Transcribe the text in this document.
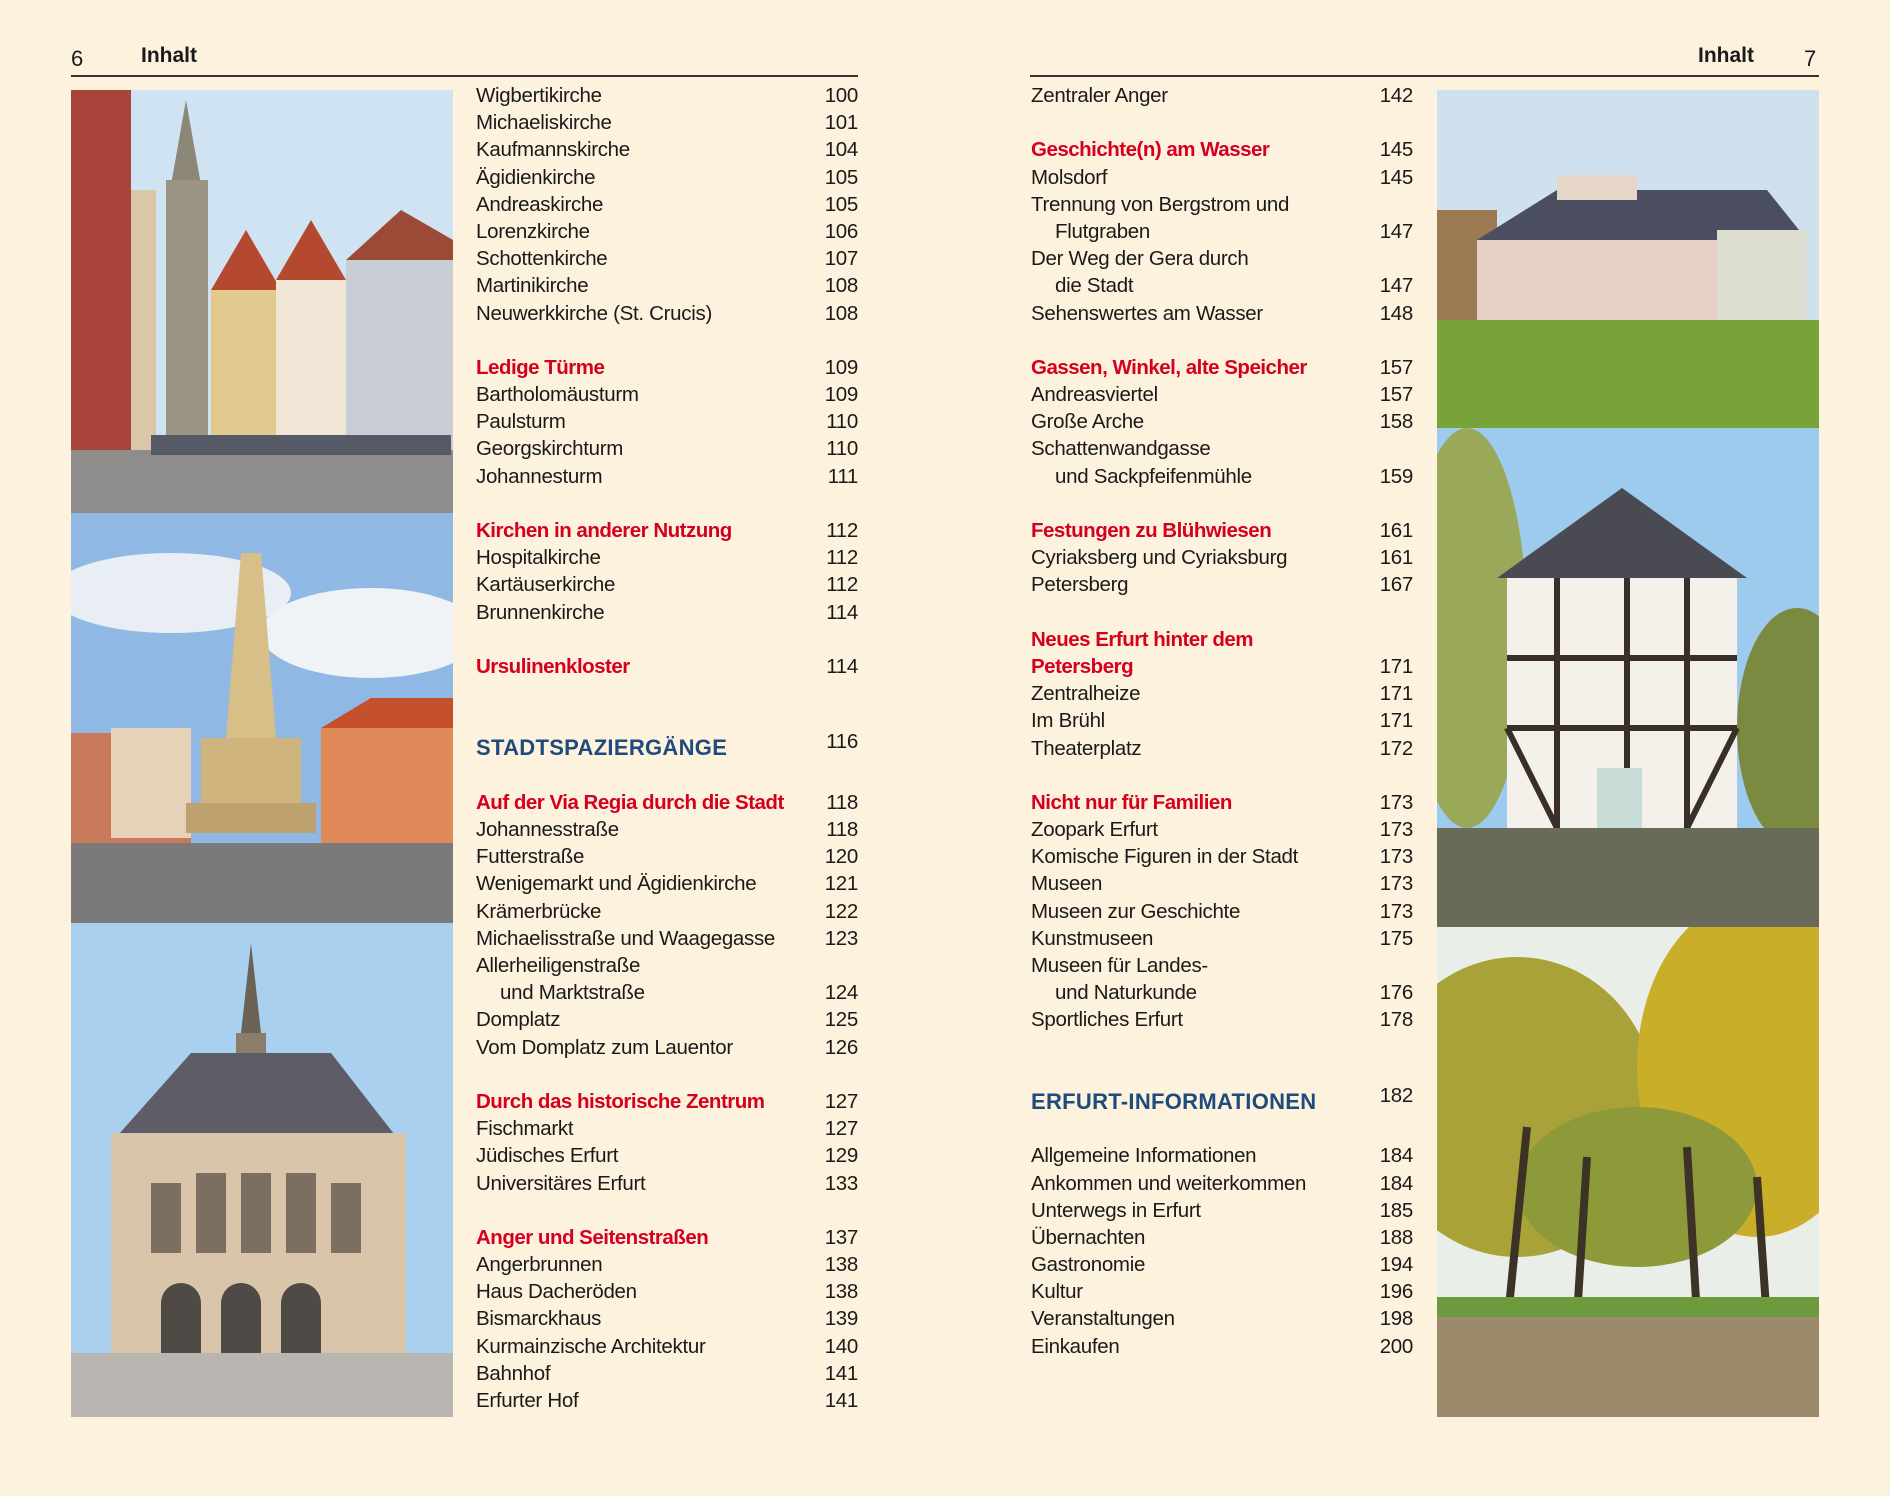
6	Inhalt	Inhalt 7
Wigbertikirche	100
Michaeliskirche	101
Kaufmannskirche	104
Ägidienkirche	105
Andreaskirche	105
Lorenzkirche	106
Schottenkirche	107
Martinikirche	108
Neuwerkkirche (St. Crucis)	108
Ledige Türme	109
Bartholomäusturm	109
Paulsturm	110
Georgskirchturm	110
Johannesturm	111
Kirchen in anderer Nutzung	112
Hospitalkirche	112
Kartäuserkirche	112
Brunnenkirche	114
Ursulinenkloster	114
STADTSPAZIERGÄNGE	116
Auf der Via Regia durch die Stadt	118
Johannesstraße	118
Futterstraße	120
Wenigemarkt und Ägidienkirche	121
Krämerbrücke	122
Michaelisstraße und Waagegasse	123
Allerheiligenstraße
und Marktstraße	124
Domplatz	125
Vom Domplatz zum Lauentor	126
Durch das historische Zentrum	127
Fischmarkt	127
Jüdisches Erfurt	129
Universitäres Erfurt	133
Anger und Seitenstraßen	137
Angerbrunnen	138
Haus Dacheröden	138
Bismarckhaus	139
Kurmainzische Architektur	140
Bahnhof	141
Erfurter Hof	141
Zentraler Anger	142
Geschichte(n) am Wasser	145
Molsdorf	145
Trennung von Bergstrom und
Flutgraben	147
Der Weg der Gera durch
die Stadt	147
Sehenswertes am Wasser	148
Gassen, Winkel, alte Speicher	157
Andreasviertel	157
Große Arche	158
Schattenwandgasse
und Sackpfeifenmühle	159
Festungen zu Blühwiesen	161
Cyriaksberg und Cyriaksburg	161
Petersberg	167
Neues Erfurt hinter dem
Petersberg	171
Zentralheize	171
Im Brühl	171
Theaterplatz	172
Nicht nur für Familien	173
Zoopark Erfurt	173
Komische Figuren in der Stadt	173
Museen	173
Museen zur Geschichte	173
Kunstmuseen	175
Museen für Landes-
und Naturkunde	176
Sportliches Erfurt	178
ERFURT-INFORMATIONEN	182
Allgemeine Informationen	184
Ankommen und weiterkommen	184
Unterwegs in Erfurt	185
Übernachten	188
Gastronomie	194
Kultur	196
Veranstaltungen	198
Einkaufen	200
